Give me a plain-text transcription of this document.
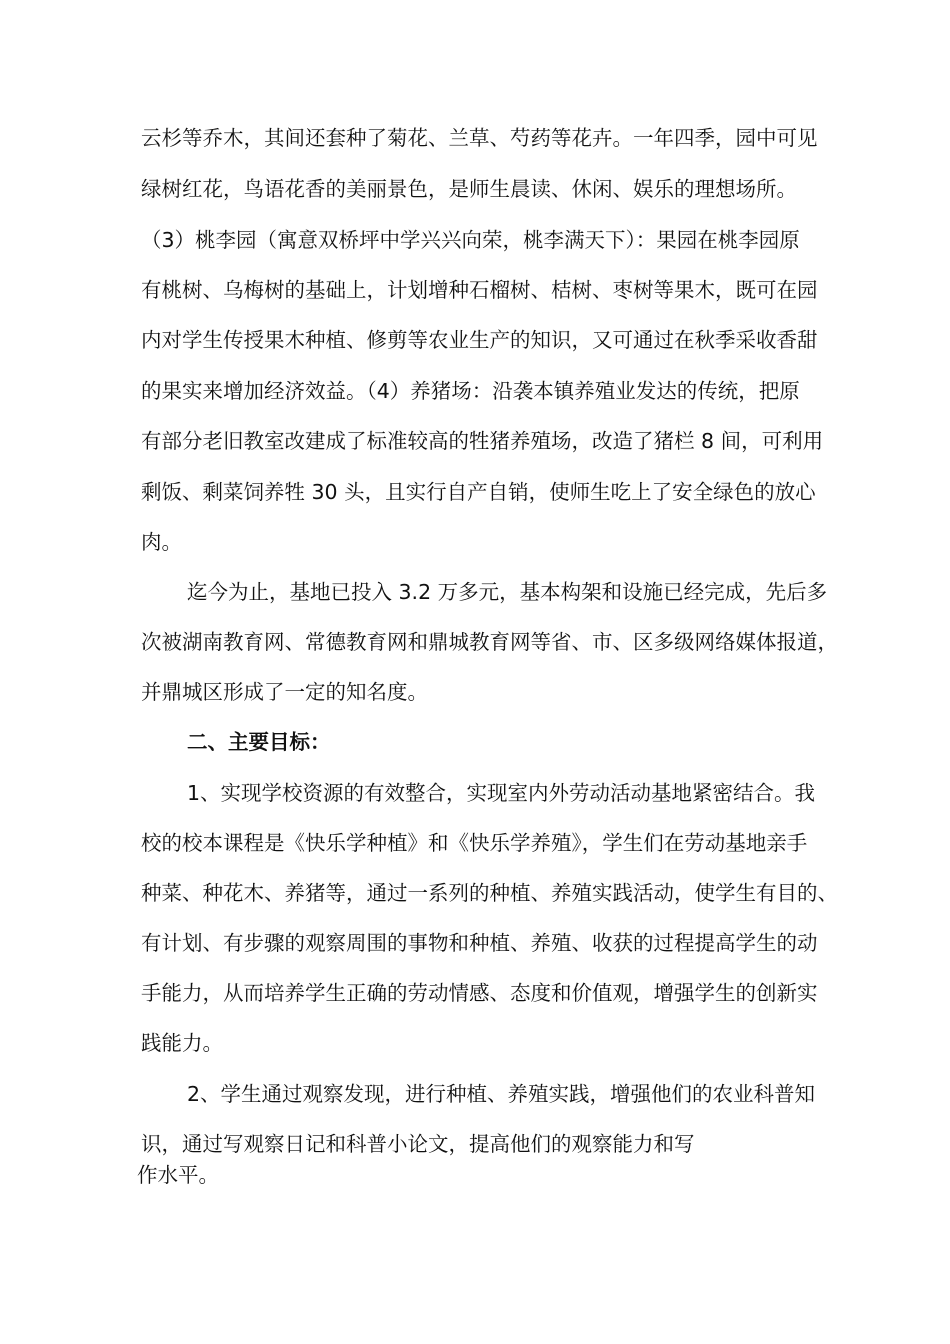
云杉等乔木，其间还套种了菊花、兰草、芍药等花卉。一年四季，园中可见
绿树红花，鸟语花香的美丽景色，是师生晨读、休闲、娱乐的理想场所。
（3）桃李园（寓意双桥坪中学兴兴向荣，桃李满天下）：果园在桃李园原
有桃树、乌梅树的基础上，计划增种石榴树、桔树、枣树等果木，既可在园
内对学生传授果木种植、修剪等农业生产的知识，又可通过在秋季采收香甜
的果实来增加经济效益。（4）养猪场：沿袭本镇养殖业发达的传统，把原
有部分老旧教室改建成了标准较高的牲猪养殖场，改造了猪栏 8 间，可利用
剩饭、剩菜饲养牲 30 头，且实行自产自销，使师生吃上了安全绿色的放心
肉。
迄今为止，基地已投入 3.2 万多元，基本构架和设施已经完成，先后多
次被湖南教育网、常德教育网和鼎城教育网等省、市、区多级网络媒体报道，
并鼎城区形成了一定的知名度。
二、主要目标：
1、实现学校资源的有效整合，实现室内外劳动活动基地紧密结合。我
校的校本课程是《快乐学种植》和《快乐学养殖》，学生们在劳动基地亲手
种菜、种花木、养猪等，通过一系列的种植、养殖实践活动，使学生有目的、
有计划、有步骤的观察周围的事物和种植、养殖、收获的过程提高学生的动
手能力，从而培养学生正确的劳动情感、态度和价值观，增强学生的创新实
践能力。
2、学生通过观察发现，进行种植、养殖实践，增强他们的农业科普知
识，通过写观察日记和科普小论文，提高他们的观察能力和写
作水平。
